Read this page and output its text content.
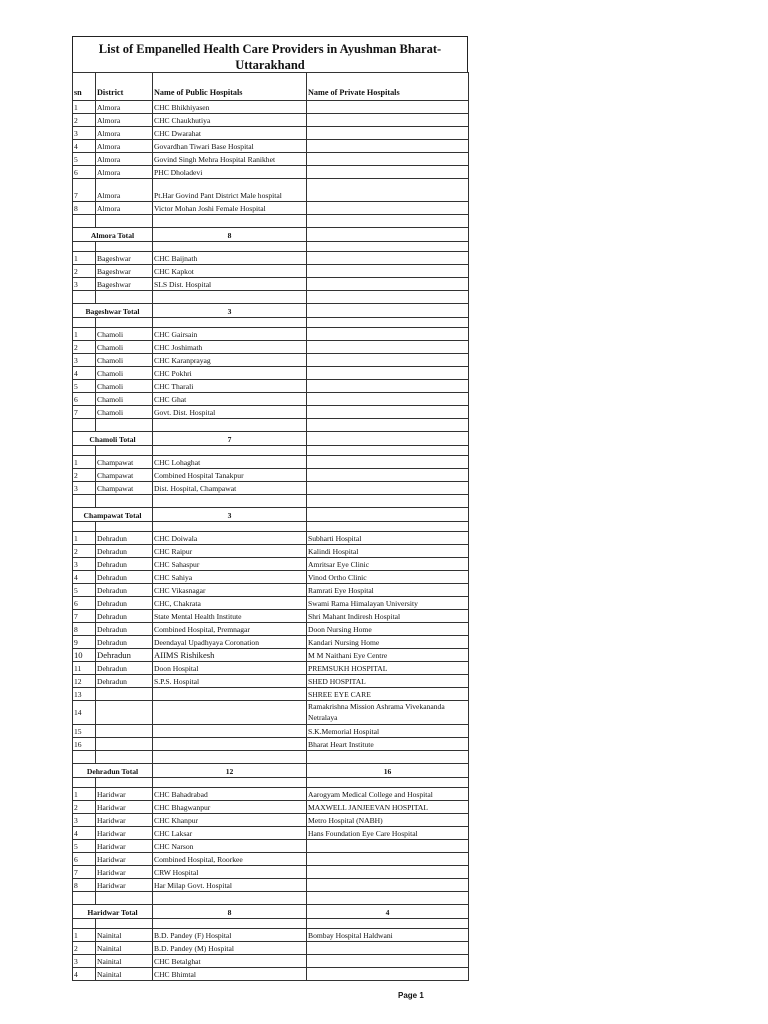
List of Empanelled Health Care Providers in Ayushman Bharat-
Uttarakhand
sn	District	Name of Public Hospitals	Name of Private Hospitals
1	Almora	CHC Bhikhiyasen	
2	Almora	CHC Chaukhutiya	
3	Almora	CHC Dwarahat	
4	Almora	Govardhan Tiwari Base Hospital	
5	Almora	Govind Singh Mehra Hospital Ranikhet	
6	Almora	PHC Dholadevi	
7	Almora	Pt.Har Govind Pant District Male hospital	
8	Almora	Victor Mohan Joshi Female Hospital	

Almora Total		8	

1	Bageshwar	CHC Baijnath	
2	Bageshwar	CHC Kapkot	
3	Bageshwar	SLS Dist. Hospital	

Bageshwar Total		3	

1	Chamoli	CHC Gairsain	
2	Chamoli	CHC Joshimath	
3	Chamoli	CHC Karanprayag	
4	Chamoli	CHC Pokhri	
5	Chamoli	CHC Tharali	
6	Chamoli	CHC Ghat	
7	Chamoli	Govt. Dist. Hospital	

Chamoli Total		7	

1	Champawat	CHC Lohaghat	
2	Champawat	Combined Hospital Tanakpur	
3	Champawat	Dist. Hospital, Champawat	

Champawat Total		3	

1	Dehradun	CHC Doiwala	Subharti Hospital
2	Dehradun	CHC Raipur	Kalindi Hospital
3	Dehradun	CHC Sahaspur	Amritsar Eye Clinic
4	Dehradun	CHC Sahiya	Vinod Ortho Clinic
5	Dehradun	CHC Vikasnagar	Ramrati Eye Hospital
6	Dehradun	CHC, Chakrata	Swami Rama Himalayan University
7	Dehradun	State Mental Health Institute	Shri Mahant Indiresh Hospital
8	Dehradun	Combined Hospital, Premnagar	Doon Nursing Home
9	Dehradun	Deendayal Upadhyaya Coronation	Kandari Nursing Home
10	Dehradun	AIIMS Rishikesh	M M Naithani Eye Centre
11	Dehradun	Doon Hospital	PREMSUKH HOSPITAL
12	Dehradun	S.P.S. Hospital	SHED HOSPITAL
13			SHREE EYE CARE
14			Ramakrishna Mission Ashrama Vivekananda Netralaya
15			S.K.Memorial Hospital
16			Bharat Heart Institute

Dehradun Total		12	16

1	Haridwar	CHC Bahadrabad	Aarogyam Medical College and Hospital
2	Haridwar	CHC Bhagwanpur	MAXWELL JANJEEVAN HOSPITAL
3	Haridwar	CHC Khanpur	Metro Hospital (NABH)
4	Haridwar	CHC Laksar	Hans Foundation Eye Care Hospital
5	Haridwar	CHC Narson	
6	Haridwar	Combined Hospital, Roorkee	
7	Haridwar	CRW Hospital	
8	Haridwar	Har Milap Govt. Hospital	

Haridwar Total		8	4

1	Nainital	B.D. Pandey (F) Hospital	Bombay Hospital Haldwani
2	Nainital	B.D. Pandey (M) Hospital	
3	Nainital	CHC Betalghat	
4	Nainital	CHC Bhimtal	
Page 1
